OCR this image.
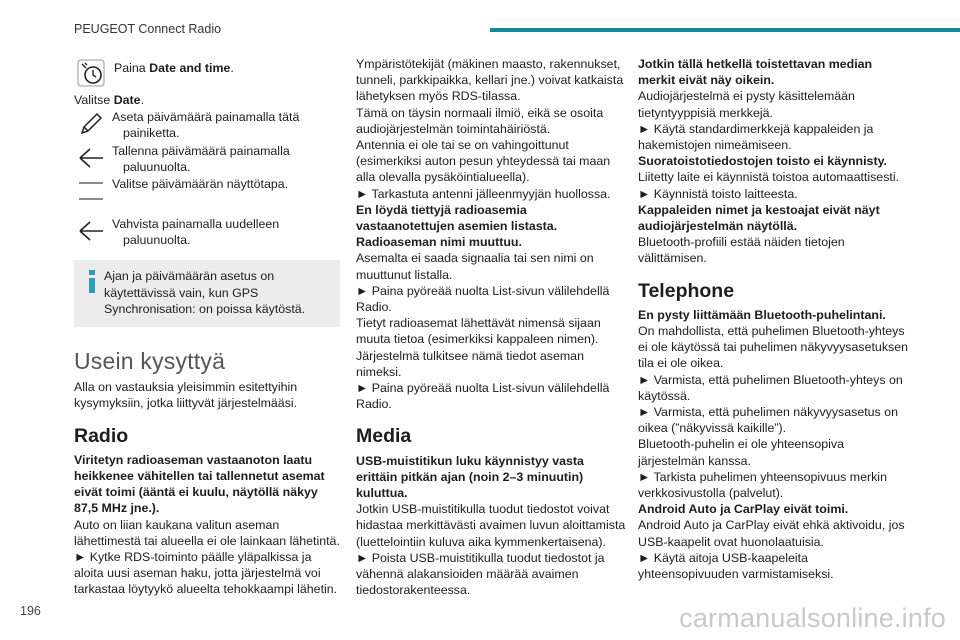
PEUGEOT Connect Radio
Paina Date and time.
Valitse Date.
Aseta päivämäärä painamalla tätä painiketta.
Tallenna päivämäärä painamalla paluunuolta.
Valitse päivämäärän näyttötapa.
Vahvista painamalla uudelleen paluunuolta.
Ajan ja päivämäärän asetus on käytettävissä vain, kun GPS Synchronisation: on poissa käytöstä.
Usein kysyttyä
Alla on vastauksia yleisimmin esitettyihin kysymyksiin, jotka liittyvät järjestelmääsi.
Radio
Viritetyn radioaseman vastaanoton laatu heikkenee vähitellen tai tallennetut asemat eivät toimi (ääntä ei kuulu, näytöllä näkyy 87,5 MHz jne.).
Auto on liian kaukana valitun aseman lähettimestä tai alueella ei ole lainkaan lähetintä.
► Kytke RDS-toiminto päälle yläpalkissa ja aloita uusi aseman haku, jotta järjestelmä voi tarkastaa löytyykö alueelta tehokkaampi lähetin.
Ympäristötekijät (mäkinen maasto, rakennukset, tunneli, parkkipaikka, kellari jne.) voivat katkaista lähetyksen myös RDS-tilassa.
Tämä on täysin normaali ilmiö, eikä se osoita audiojärjestelmän toimintahäiriöstä.
Antennia ei ole tai se on vahingoittunut (esimerkiksi auton pesun yhteydessä tai maan alla olevalla pysäköintialueella).
► Tarkastuta antenni jälleenmyyjän huollossa.
En löydä tiettyjä radioasemia vastaanotettujen asemien listasta.
Radioaseman nimi muuttuu.
Asemalta ei saada signaalia tai sen nimi on muuttunut listalla.
► Paina pyöreää nuolta List-sivun välilehdellä Radio.
Tietyt radioasemat lähettävät nimensä sijaan muuta tietoa (esimerkiksi kappaleen nimen). Järjestelmä tulkitsee nämä tiedot aseman nimeksi.
► Paina pyöreää nuolta List-sivun välilehdellä Radio.
Media
USB-muistitikun luku käynnistyy vasta erittäin pitkän ajan (noin 2–3 minuutin) kuluttua.
Jotkin USB-muistitikulla tuodut tiedostot voivat hidastaa merkittävästi avaimen luvun aloittamista (luettelointiin kuluva aika kymmenkertaisena).
► Poista USB-muistitikulla tuodut tiedostot ja vähennä alakansioiden määrää avaimen tiedostorakenteessa.
Jotkin tällä hetkellä toistettavan median merkit eivät näy oikein.
Audiojärjestelmä ei pysty käsittelemään tietyntyyppisiä merkkejä.
► Käytä standardimerkkejä kappaleiden ja hakemistojen nimeämiseen.
Suoratoistotiedostojen toisto ei käynnisty.
Liitetty laite ei käynnistä toistoa automaattisesti.
► Käynnistä toisto laitteesta.
Kappaleiden nimet ja kestoajat eivät näyt audiojärjestelmän näytöllä.
Bluetooth-profiili estää näiden tietojen välittämisen.
Telephone
En pysty liittämään Bluetooth-puhelintani.
On mahdollista, että puhelimen Bluetooth-yhteys ei ole käytössä tai puhelimen näkyvyysasetuksen tila ei ole oikea.
► Varmista, että puhelimen Bluetooth-yhteys on käytössä.
► Varmista, että puhelimen näkyvyysasetus on oikea (”näkyvissä kaikille”).
Bluetooth-puhelin ei ole yhteensopiva järjestelmän kanssa.
► Tarkista puhelimen yhteensopivuus merkin verkkosivustolla (palvelut).
Android Auto ja CarPlay eivät toimi.
Android Auto ja CarPlay eivät ehkä aktivoidu, jos USB-kaapelit ovat huonolaatuisia.
► Käytä aitoja USB-kaapeleita yhteensopivuuden varmistamiseksi.
196	carmanualsonline.info
